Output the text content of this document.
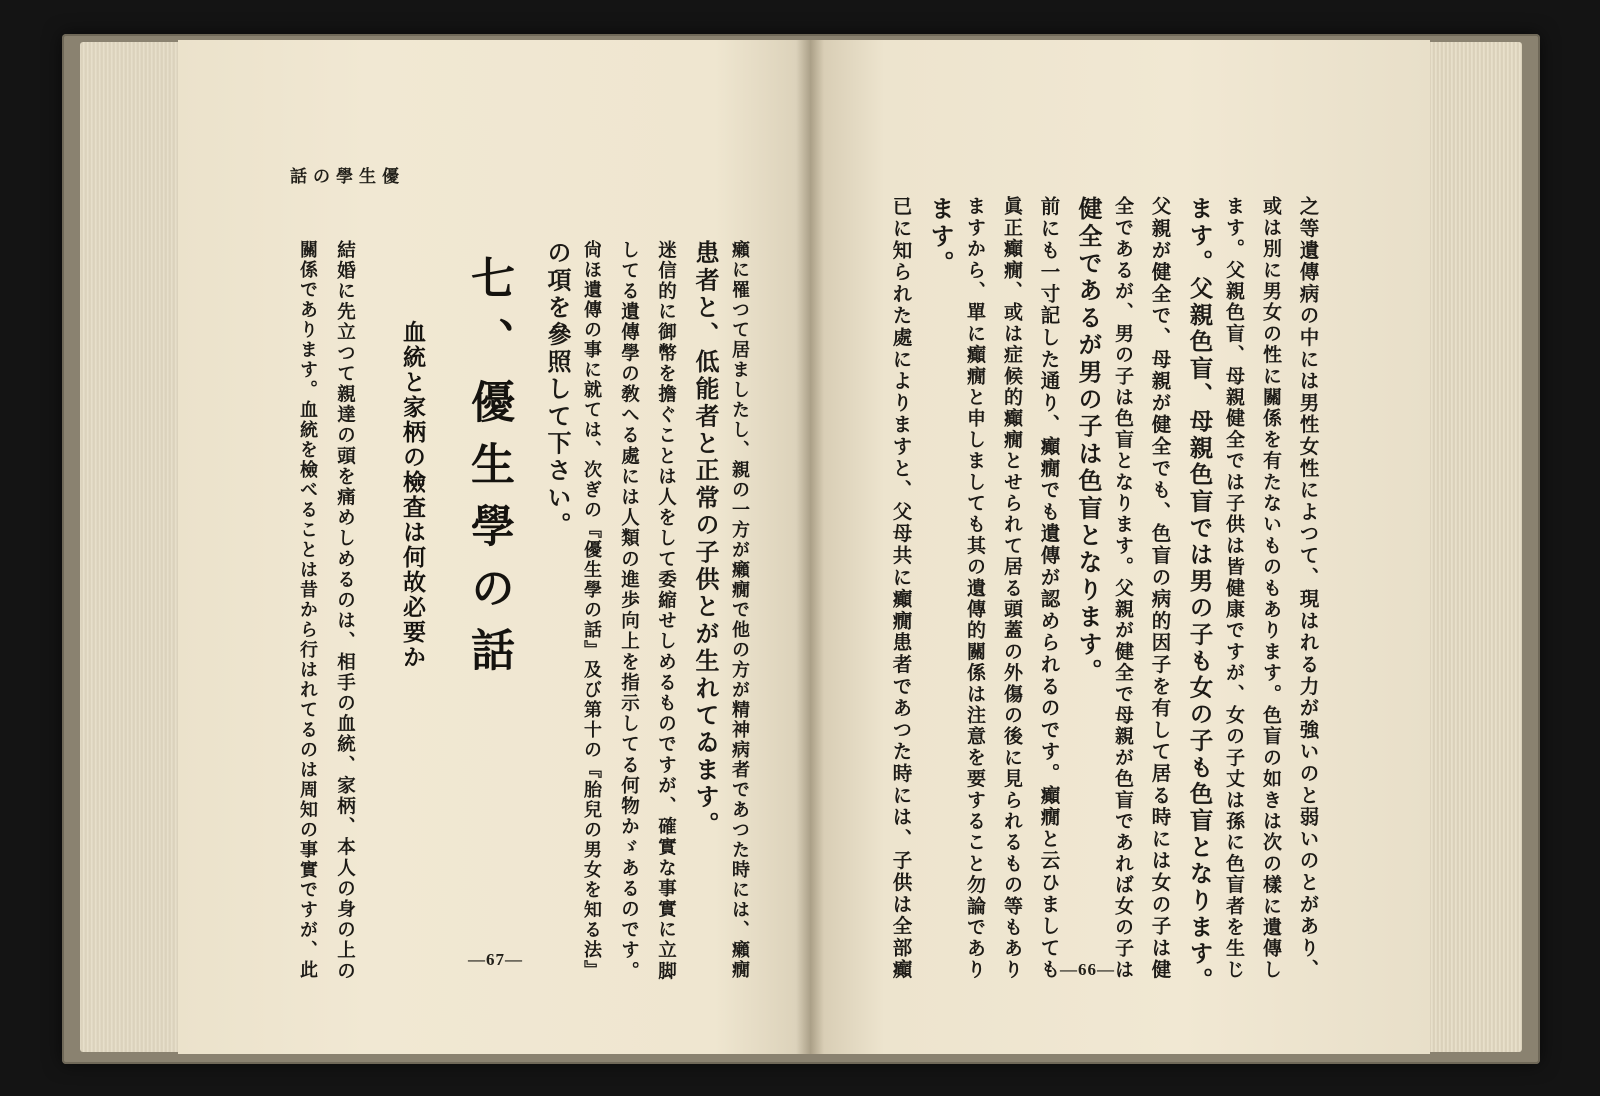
話の學生優
癩に罹つて居ましたし、親の一方が癩癇で他の方が精神病者であつた時には、癩癇
患者と、低能者と正常の子供とが生れてゐます。
迷信的に御幣を擔ぐことは人をして委縮せしめるものですが、確實な事實に立脚
してる遺傳學の敎へる處には人類の進歩向上を指示してる何物かゞあるのです。
尙ほ遺傳の事に就ては、次ぎの『優生學の話』及び第十の『胎兒の男女を知る法』
の項を參照して下さい。
七、優生學の話
血統と家柄の檢査は何故必要か
結婚に先立つて親達の頭を痛めしめるのは、相手の血統、家柄、本人の身の上の
關係であります。血統を檢べることは昔から行はれてるのは周知の事實ですが、此	—67—	之等遺傳病の中には男性女性によつて、現はれる力が強いのと弱いのとがあり、
或は別に男女の性に關係を有たないものもあります。色盲の如きは次の樣に遺傳し
ます。父親色盲、母親健全では子供は皆健康ですが、女の子丈は孫に色盲者を生じ
ます。父親色盲、母親色盲では男の子も女の子も色盲となります。
父親が健全で、母親が健全でも、色盲の病的因子を有して居る時には女の子は健
全であるが、男の子は色盲となります。父親が健全で母親が色盲であれば女の子は
健全であるが男の子は色盲となります。
前にも一寸記した通り、癲癇でも遺傳が認められるのです。癲癇と云ひましても
眞正癲癇、或は症候的癲癇とせられて居る頭蓋の外傷の後に見られるもの等もあり
ますから、單に癲癇と申しましても其の遺傳的關係は注意を要すること勿論であり
ます。
已に知られた處によりますと、父母共に癲癇患者であつた時には、子供は全部癲	—66—
